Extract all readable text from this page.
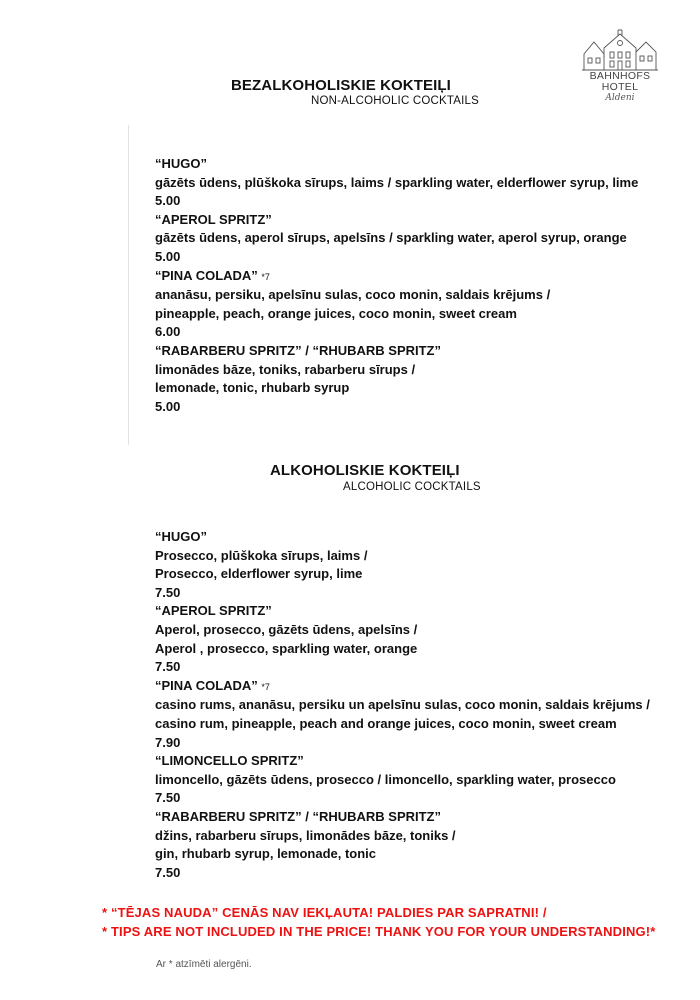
BAHNHOFS HOTEL
Aldeni
BEZALKOHOLISKIE KOKTEIĻI
NON-ALCOHOLIC COCKTAILS
“HUGO”
gāzēts ūdens, plūškoka sīrups, laims / sparkling water, elderflower syrup, lime
5.00
“APEROL SPRITZ”
gāzēts ūdens, aperol sīrups, apelsīns / sparkling water, aperol syrup, orange
5.00
“PINA COLADA” *7
ananāsu, persiku, apelsīnu sulas, coco monin, saldais krējums /
pineapple, peach, orange juices, coco monin, sweet cream
6.00
“RABARBERU SPRITZ” / “RHUBARB SPRITZ”
limonādes bāze, toniks, rabarberu sīrups /
lemonade, tonic, rhubarb syrup
5.00
ALKOHOLISKIE KOKTEIĻI
ALCOHOLIC COCKTAILS
“HUGO”
Prosecco, plūškoka sīrups, laims /
Prosecco, elderflower syrup, lime
7.50
“APEROL SPRITZ”
Aperol, prosecco, gāzēts ūdens, apelsīns /
Aperol , prosecco, sparkling water, orange
7.50
“PINA COLADA” *7
casino rums, ananāsu, persiku un apelsīnu sulas, coco monin, saldais krējums /
casino rum, pineapple, peach and orange juices, coco monin, sweet cream
7.90
“LIMONCELLO SPRITZ”
limoncello, gāzēts ūdens, prosecco / limoncello, sparkling water, prosecco
7.50
“RABARBERU SPRITZ” / “RHUBARB SPRITZ”
džins, rabarberu sīrups, limonādes bāze, toniks /
gin, rhubarb syrup, lemonade, tonic
7.50
* “TĒJAS NAUDA” CENĀS NAV IEKĻAUTA! PALDIES PAR SAPRATNI! /
* TIPS ARE NOT INCLUDED IN THE PRICE! THANK YOU FOR YOUR UNDERSTANDING!*
Ar * atzīmēti alergēni.
